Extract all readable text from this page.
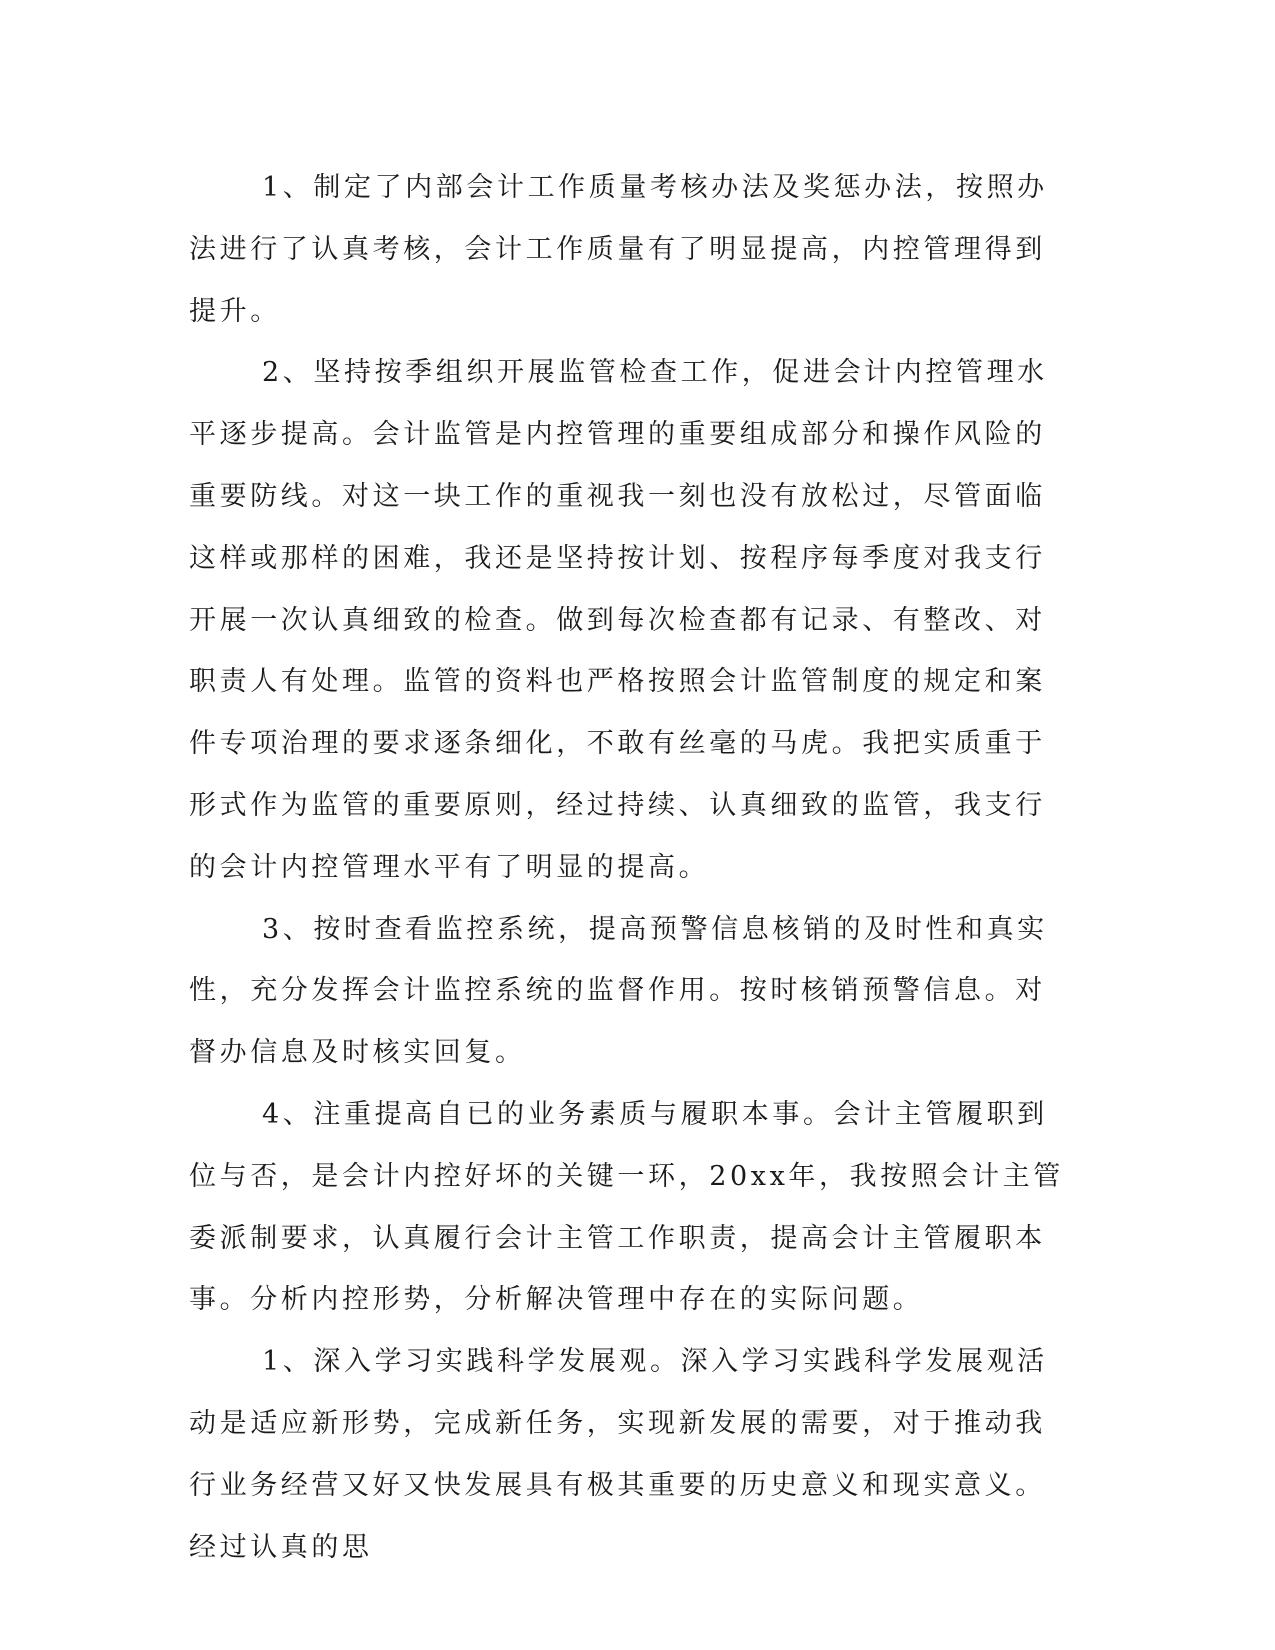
1、制定了内部会计工作质量考核办法及奖惩办法，按照办法进行了认真考核，会计工作质量有了明显提高，内控管理得到提升。

2、坚持按季组织开展监管检查工作，促进会计内控管理水平逐步提高。会计监管是内控管理的重要组成部分和操作风险的重要防线。对这一块工作的重视我一刻也没有放松过，尽管面临这样或那样的困难，我还是坚持按计划、按程序每季度对我支行开展一次认真细致的检查。做到每次检查都有记录、有整改、对职责人有处理。监管的资料也严格按照会计监管制度的规定和案件专项治理的要求逐条细化，不敢有丝毫的马虎。我把实质重于形式作为监管的重要原则，经过持续、认真细致的监管，我支行的会计内控管理水平有了明显的提高。

3、按时查看监控系统，提高预警信息核销的及时性和真实性，充分发挥会计监控系统的监督作用。按时核销预警信息。对督办信息及时核实回复。

4、注重提高自已的业务素质与履职本事。会计主管履职到位与否，是会计内控好坏的关键一环，20xx年，我按照会计主管委派制要求，认真履行会计主管工作职责，提高会计主管履职本事。分析内控形势，分析解决管理中存在的实际问题。

1、深入学习实践科学发展观。深入学习实践科学发展观活动是适应新形势，完成新任务，实现新发展的需要，对于推动我行业务经营又好又快发展具有极其重要的历史意义和现实意义。经过认真的思
